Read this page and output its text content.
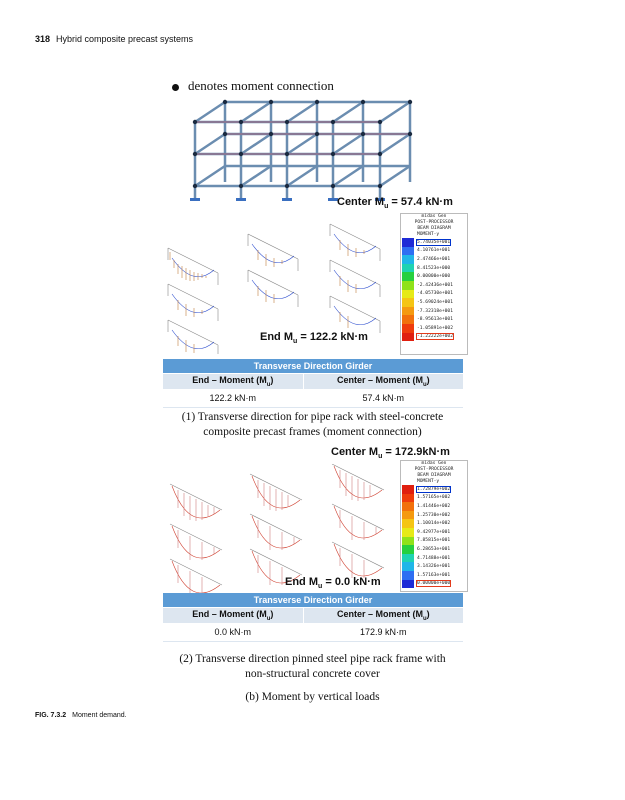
318 Hybrid composite precast systems
denotes moment connection
Center $M_u = 57.4$ kN·m
End $M_u = 122.2$ kN·m
midas Gen
POST-PROCESSOR
BEAM DIAGRAM
MOMENT-y
5.74035e+001
4.10761e+001
2.47466e+001
8.41523e+000
0.00000e+000
-2.42436e+001
-4.05730e+001
-5.69024e+001
-7.32318e+001
-8.95613e+001
-1.05891e+002
-1.22222e+002
Transverse Direction Girder	
End – Moment $(M_u)$	Center – Moment $(M_u)$
122.2 kN·m	57.4 kN·m
(1) Transverse direction for pipe rack with steel-concrete
composite precast frames (moment connection)
Center $M_u = 172.9kN\cdot m$
End $M_u = 0.0$ kN·m
midas Gen
POST-PROCESSOR
BEAM DIAGRAM
MOMENT-y
1.72879e+002
1.57165e+002
1.41446e+002
1.25730e+002
1.10014e+002
9.42977e+001
7.85815e+001
6.28653e+001
4.71488e+001
3.14326e+001
1.57163e+001
0.00000e+000
Transverse Direction Girder	
End – Moment $(M_u)$	Center – Moment $(M_u)$
0.0 kN·m	172.9 kN·m
(2) Transverse direction pinned steel pipe rack frame with
non-structural concrete cover
(b) Moment by vertical loads
FIG. 7.3.2 Moment demand.
